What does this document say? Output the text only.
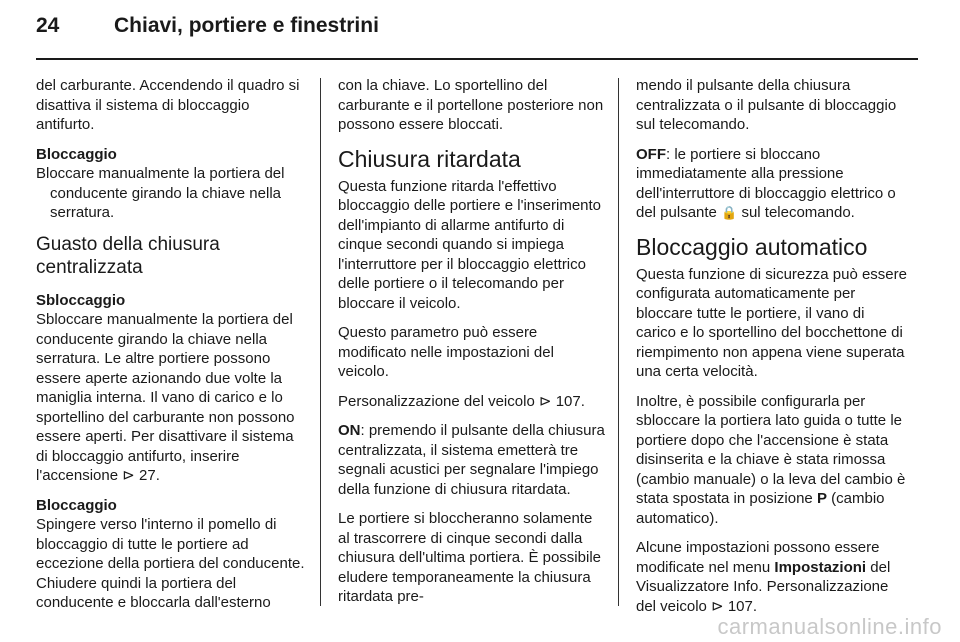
24	Chiavi, portiere e finestrini

del carburante. Accendendo il quadro si disattiva il sistema di bloccaggio antifurto.

Bloccaggio

Bloccare manualmente la portiera del conducente girando la chiave nella serratura.

Guasto della chiusura centralizzata
Sbloccaggio

Sbloccare manualmente la portiera del conducente girando la chiave nella serratura. Le altre portiere possono essere aperte azionando due volte la maniglia interna. Il vano di carico e lo sportellino del carburante non possono essere aperti. Per disattivare il sistema di bloccaggio antifurto, inserire l'accensione ⊳ 27.

Bloccaggio

Spingere verso l'interno il pomello di bloccaggio di tutte le portiere ad eccezione della portiera del conducente. Chiudere quindi la portiera del conducente e bloccarla dall'esterno

con la chiave. Lo sportellino del carburante e il portellone posteriore non possono essere bloccati.

Chiusura ritardata

Questa funzione ritarda l'effettivo bloccaggio delle portiere e l'inserimento dell'impianto di allarme antifurto di cinque secondi quando si impiega l'interruttore per il bloccaggio elettrico delle portiere o il telecomando per bloccare il veicolo.

Questo parametro può essere modificato nelle impostazioni del veicolo.

Personalizzazione del veicolo ⊳ 107.

ON: premendo il pulsante della chiusura centralizzata, il sistema emetterà tre segnali acustici per segnalare l'impiego della funzione di chiusura ritardata.

Le portiere si bloccheranno solamente al trascorrere di cinque secondi dalla chiusura dell'ultima portiera. È possibile eludere temporaneamente la chiusura ritardata pre-

mendo il pulsante della chiusura centralizzata o il pulsante di bloccaggio sul telecomando.

OFF: le portiere si bloccano immediatamente alla pressione dell'interruttore di bloccaggio elettrico o del pulsante 🔒 sul telecomando.

Bloccaggio automatico

Questa funzione di sicurezza può essere configurata automaticamente per bloccare tutte le portiere, il vano di carico e lo sportellino del bocchettone di riempimento non appena viene superata una certa velocità.

Inoltre, è possibile configurarla per sbloccare la portiera lato guida o tutte le portiere dopo che l'accensione è stata disinserita e la chiave è stata rimossa (cambio manuale) o la leva del cambio è stata spostata in posizione P (cambio automatico).

Alcune impostazioni possono essere modificate nel menu Impostazioni del Visualizzatore Info. Personalizzazione del veicolo ⊳ 107.

carmanualsonline.info
